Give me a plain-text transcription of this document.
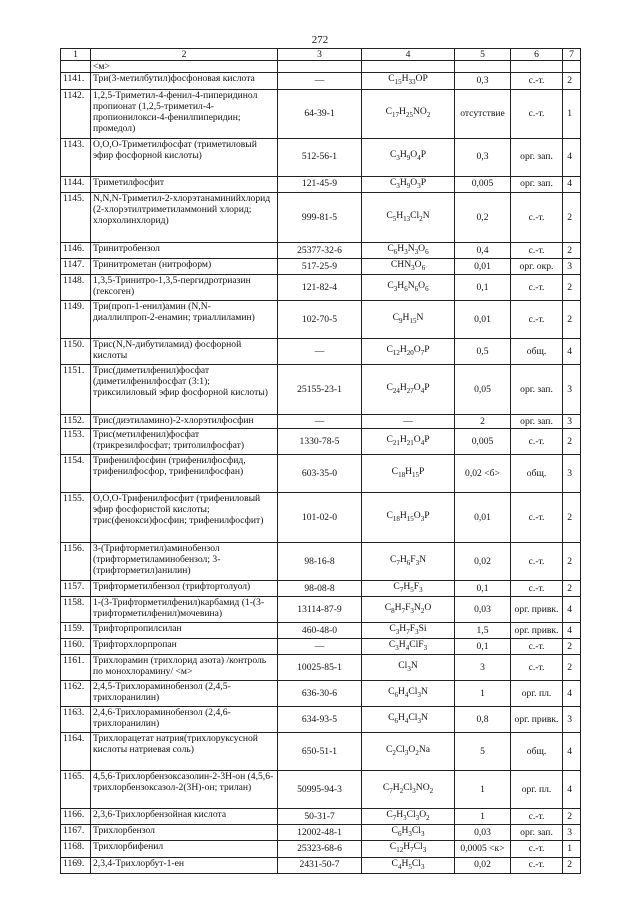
272
1	2	3	4	5	6	7
	<м>					
1141.	Три(3-метилбутил)фосфоновая кислота	—	$C_{15}H_{33}OP$	0,3	с.-т.	2
1142.	1,2,5-Триметил-4-фенил-4-пиперидинол пропионат (1,2,5-триметил-4-пропионилокси-4-фенилпиперидин; промедол)	64-39-1	$C_{17}H_{25}NO_2$	отсутствие	с.-т.	1
1143.	O,O,O-Триметилфосфат (триметиловый эфир фосфорной кислоты)	512-56-1	$C_3H_9O_4P$	0,3	орг. зап.	4
1144.	Триметилфосфит	121-45-9	$C_3H_9O_3P$	0,005	орг. зап.	4
1145.	N,N,N-Триметил-2-хлорэтанаминийхлорид (2-хлорэтилтриметиламмоний хлорид; хлорхолинхлорид)	999-81-5	$C_5H_{13}Cl_2N$	0,2	с.-т.	2
1146.	Тринитробензол	25377-32-6	$C_6H_3N_3O_6$	0,4	с.-т.	2
1147.	Тринитрометан (нитроформ)	517-25-9	$CHN_3O_6$	0,01	орг. окр.	3
1148.	1,3,5-Тринитро-1,3,5-пергидротриазин (гексоген)	121-82-4	$C_3H_6N_6O_6$	0,1	с.-т.	2
1149.	Три(проп-1-енил)амин (N,N-диаллилпроп-2-енамин; триаллиламин)	102-70-5	$C_9H_{15}N$	0,01	с.-т.	2
1150.	Трис(N,N-дибутиламид) фосфорной кислоты	—	$C_{12}H_{20}O_7P$	0,5	общ.	4
1151.	Трис(диметилфенил)фосфат (диметилфенилфосфат (3:1); триксилиловый эфир фосфорной кислоты)	25155-23-1	$C_{24}H_{27}O_4P$	0,05	орг. зап.	3
1152.	Трис(диэтиламино)-2-хлорэтилфосфин	—	—	2	орг. зап.	3
1153.	Трис(метилфенил)фосфат (трикрезилфосфат; тритолилфосфат)	1330-78-5	$C_{21}H_{21}O_4P$	0,005	с.-т.	2
1154.	Трифенилфосфин (трифенилфосфид, трифенилфосфор, трифенилфосфан)	603-35-0	$C_{18}H_{15}P$	0,02 <б>	общ.	3
1155.	O,O,O-Трифенилфосфит (трифениловый эфир фосфористой кислоты; трис(фенокси)фосфин; трифенилфосфит)	101-02-0	$C_{18}H_{15}O_3P$	0,01	с.-т.	2
1156.	3-(Трифторметил)аминобензол (трифторметиламинобензол; 3-(трифторметил)анилин)	98-16-8	$C_7H_6F_3N$	0,02	с.-т.	2
1157.	Трифторметилбензол (трифтортолуол)	98-08-8	$C_7H_5F_3$	0,1	с.-т.	2
1158.	1-(3-Трифторметилфенил)карбамид (1-(3-трифторметилфенил)мочевина)	13114-87-9	$C_8H_7F_3N_2O$	0,03	орг. привк.	4
1159.	Трифторпропилсилан	460-48-0	$C_3H_7F_3Si$	1,5	орг. привк.	4
1160.	Трифторхлорпропан	—	$C_3H_4ClF_3$	0,1	с.-т.	2
1161.	Трихлорамин (трихлорид азота) /контроль по монохлорамину/ <м>	10025-85-1	$Cl_3N$	3	с.-т.	2
1162.	2,4,5-Трихлораминобензол (2,4,5-трихлоранилин)	636-30-6	$C_6H_4Cl_3N$	1	орг. пл.	4
1163.	2,4,6-Трихлораминобензол (2,4,6-трихлоранилин)	634-93-5	$C_6H_4Cl_3N$	0,8	орг. привк.	3
1164.	Трихлорацетат натрия(трихлоруксусной кислоты натриевая соль)	650-51-1	$C_2Cl_3O_2Na$	5	общ.	4
1165.	4,5,6-Трихлорбензоксазолин-2-3Н-он (4,5,6-трихлорбензоксазол-2(3Н)-он; трилан)	50995-94-3	$C_7H_2Cl_3NO_2$	1	орг. пл.	4
1166.	2,3,6-Трихлорбензойная кислота	50-31-7	$C_7H_3Cl_3O_2$	1	с.-т.	2
1167.	Трихлорбензол	12002-48-1	$C_6H_3Cl_3$	0,03	орг. зап.	3
1168.	Трихлорбифенил	25323-68-6	$C_{12}H_7Cl_3$	0,0005 <к>	с.-т.	1
1169.	2,3,4-Трихлорбут-1-ен	2431-50-7	$C_4H_5Cl_3$	0,02	с.-т.	2
